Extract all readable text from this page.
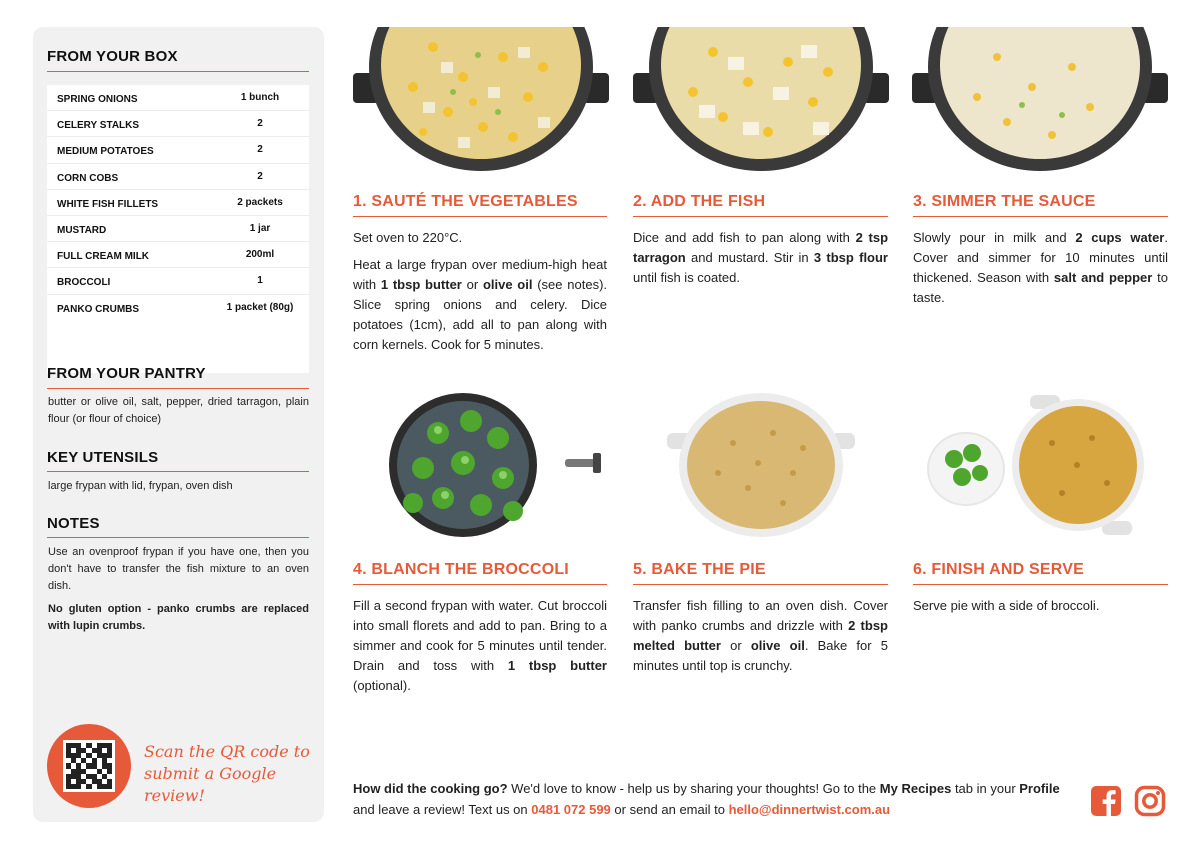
FROM YOUR BOX
SPRING ONIONS	1 bunch
CELERY STALKS	2
MEDIUM POTATOES	2
CORN COBS	2
WHITE FISH FILLETS	2 packets
MUSTARD	1 jar
FULL CREAM MILK	200ml
BROCCOLI	1
PANKO CRUMBS	1 packet (80g)
FROM YOUR PANTRY
butter or olive oil, salt, pepper, dried tarragon, plain flour (or flour of choice)
KEY UTENSILS
large frypan with lid, frypan, oven dish
NOTES
Use an ovenproof frypan if you have one, then you don't have to transfer the fish mixture to an oven dish.
No gluten option - panko crumbs are replaced with lupin crumbs.
Scan the QR code to
submit a Google review!
1. SAUTÉ THE VEGETABLES

Set oven to 220°C.

Heat a large frypan over medium-high heat with 1 tbsp butter or olive oil (see notes). Slice spring onions and celery. Dice potatoes (1cm), add all to pan along with corn kernels. Cook for 5 minutes.

2. ADD THE FISH

Dice and add fish to pan along with 2 tsp tarragon and mustard. Stir in 3 tbsp flour until fish is coated.

3. SIMMER THE SAUCE

Slowly pour in milk and 2 cups water. Cover and simmer for 10 minutes until thickened. Season with salt and pepper to taste.

4. BLANCH THE BROCCOLI

Fill a second frypan with water. Cut broccoli into small florets and add to pan. Bring to a simmer and cook for 5 minutes until tender. Drain and toss with 1 tbsp butter (optional).

5. BAKE THE PIE

Transfer fish filling to an oven dish. Cover with panko crumbs and drizzle with 2 tbsp melted butter or olive oil. Bake for 5 minutes until top is crunchy.

6. FINISH AND SERVE

Serve pie with a side of broccoli.

How did the cooking go? We'd love to know - help us by sharing your thoughts! Go to the My Recipes tab in your Profile and leave a review! Text us on 0481 072 599 or send an email to hello@dinnertwist.com.au
